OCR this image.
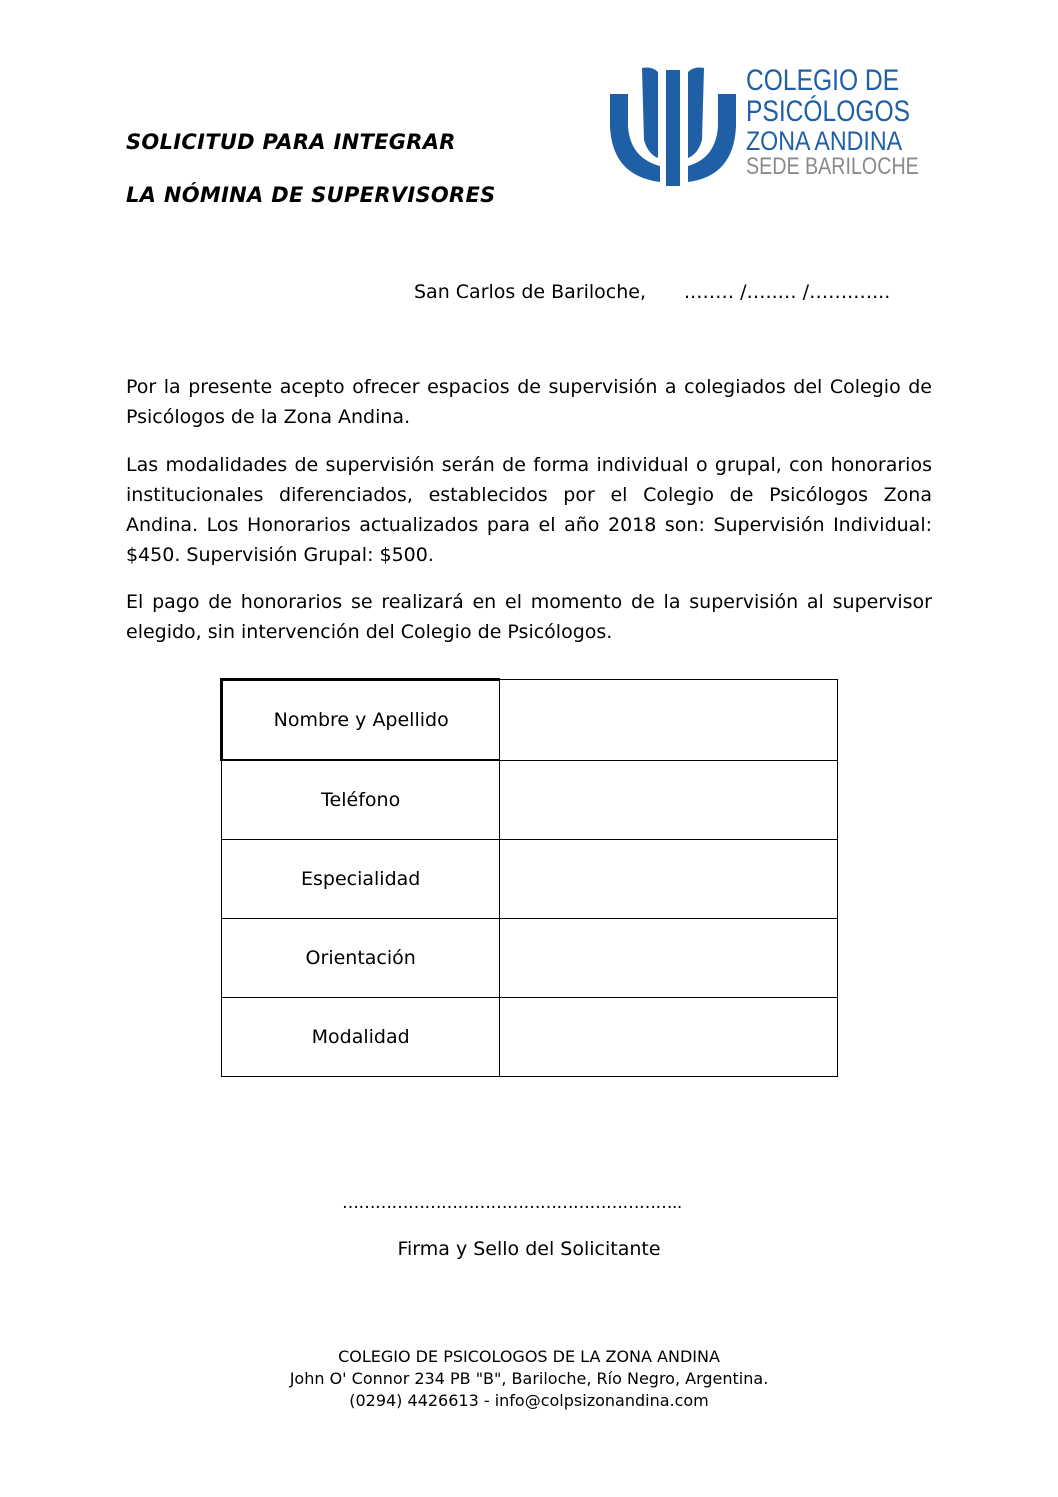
SOLICITUD PARA INTEGRAR
LA NÓMINA DE SUPERVISORES
COLEGIO DE
PSICÓLOGOS
ZONA ANDINA
SEDE BARILOCHE
San Carlos de Bariloche, ..…… /…..… /…….…...

Por la presente acepto ofrecer espacios de supervisión a colegiados del Colegio de Psicólogos de la Zona Andina.

Las modalidades de supervisión serán de forma individual o grupal, con honorarios institucionales diferenciados, establecidos por el Colegio de Psicólogos Zona Andina. Los Honorarios actualizados para el año 2018 son: Supervisión Individual: $450. Supervisión Grupal: $500.

El pago de honorarios se realizará en el momento de la supervisión al supervisor elegido, sin intervención del Colegio de Psicólogos.

Nombre y Apellido	
Teléfono	
Especialidad	
Orientación	
Modalidad	
……………………………………………………..
Firma y Sello del Solicitante
COLEGIO DE PSICOLOGOS DE LA ZONA ANDINA
John O' Connor 234 PB "B", Bariloche, Río Negro, Argentina.
(0294) 4426613 - info@colpsizonandina.com
